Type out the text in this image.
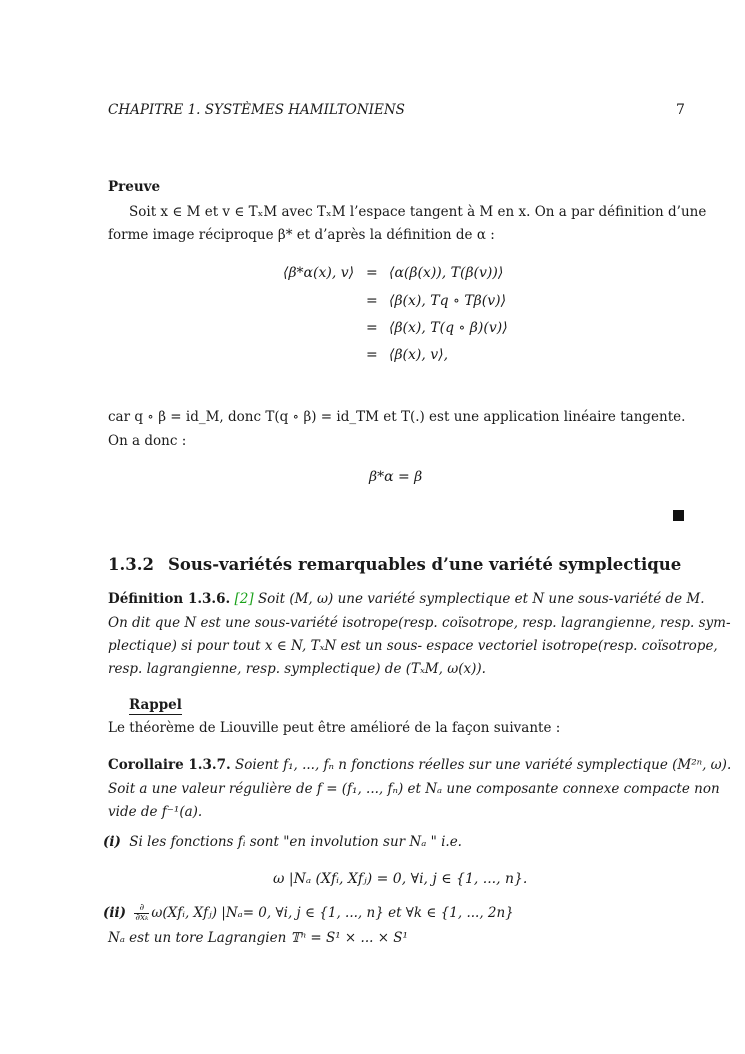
CHAPITRE 1. SYSTÈMES HAMILTONIENS	7
Preuve
Soit x ∈ M et v ∈ TₓM avec TₓM l’espace tangent à M en x. On a par définition d’une
forme image réciproque β* et d’après la définition de α :
⟨β*α(x), v⟩ = ⟨α(β(x)), T(β(v))⟩
= ⟨β(x), Tq ∘ Tβ(v)⟩
= ⟨β(x), T(q ∘ β)(v)⟩
= ⟨β(x), v⟩,
car q ∘ β = id_M, donc T(q ∘ β) = id_TM et T(.) est une application linéaire tangente.
On a donc :
β*α = β
1.3.2 Sous-variétés remarquables d’une variété symplectique
Définition 1.3.6. [2] Soit (M, ω) une variété symplectique et N une sous-variété de M.
On dit que N est une sous-variété isotrope(resp. coïsotrope, resp. lagrangienne, resp. sym-
plectique) si pour tout x ∈ N, TₓN est un sous- espace vectoriel isotrope(resp. coïsotrope,
resp. lagrangienne, resp. symplectique) de (TₓM, ω(x)).
Rappel
Le théorème de Liouville peut être amélioré de la façon suivante :
Corollaire 1.3.7. Soient f₁, ..., fₙ n fonctions réelles sur une variété symplectique (M²ⁿ, ω).
Soit a une valeur régulière de f = (f₁, ..., fₙ) et Nₐ une composante connexe compacte non
vide de f⁻¹(a).
(i) Si les fonctions fᵢ sont "en involution sur Nₐ " i.e.
ω |Nₐ (Xfᵢ, Xfⱼ) = 0, ∀i, j ∈ {1, ..., n}.
$(ii) \frac{\partial}{\text{∂xₖ}}$ ω(Xfᵢ, Xfⱼ) |Nₐ= 0, ∀i, j ∈ {1, ..., n} et ∀k ∈ {1, ..., 2n}
Nₐ est un tore Lagrangien 𝕋ⁿ = S¹ × ... × S¹
